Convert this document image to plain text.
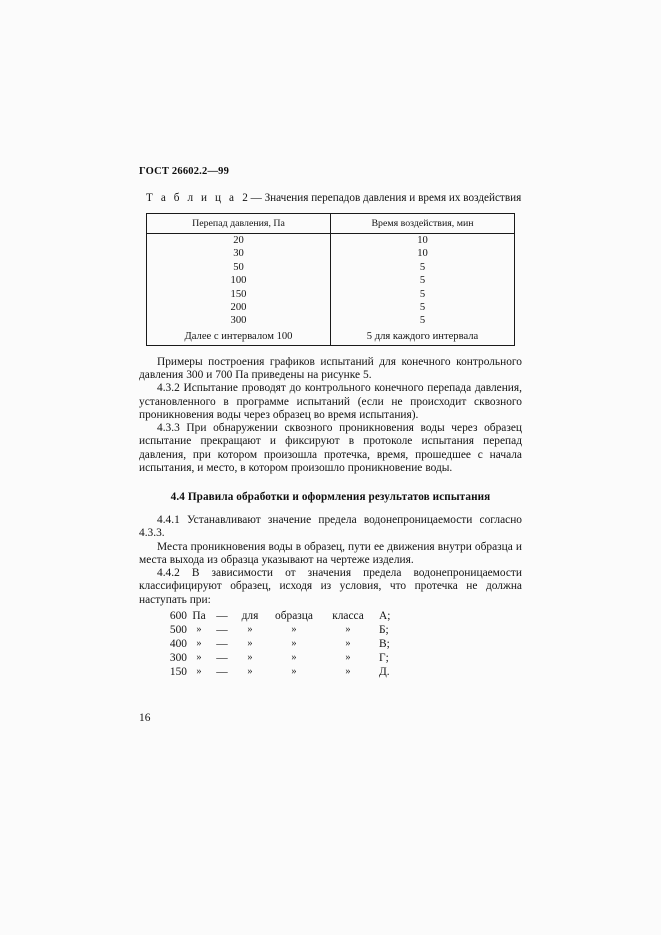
ГОСТ 26602.2—99
Т а б л и ц а 2 — Значения перепадов давления и время их воздействия
Перепад давления, Па	Время воздействия, мин
20	10
30	10
50	5
100	5
150	5
200	5
300	5
Далее с интервалом 100	5 для каждого интервала

Примеры построения графиков испытаний для конечного контрольного давления 300 и 700 Па приведены на рисунке 5.

4.3.2 Испытание проводят до контрольного конечного перепада давления, установленного в программе испытаний (если не происходит сквозного проникновения воды через образец во время испытания).

4.3.3 При обнаружении сквозного проникновения воды через образец испытание прекращают и фиксируют в протоколе испытания перепад давления, при котором произошла протечка, время, прошедшее с начала испытания, и место, в котором произошло проникновение воды.

4.4 Правила обработки и оформления результатов испытания

4.4.1 Устанавливают значение предела водонепроницаемости согласно 4.3.3.

Места проникновения воды в образец, пути ее движения внутри образца и места выхода из образца указывают на чертеже изделия.

4.4.2 В зависимости от значения предела водонепроницаемости классифицируют образец, исходя из условия, что протечка не должна наступать при:

600 Па —	для	образца	класса	А;
500 »	—	»	»	»	Б;
400 »	—	»	»	»	В;
300 »	—	»	»	»	Г;
150 »	—	»	»	»	Д.
16
